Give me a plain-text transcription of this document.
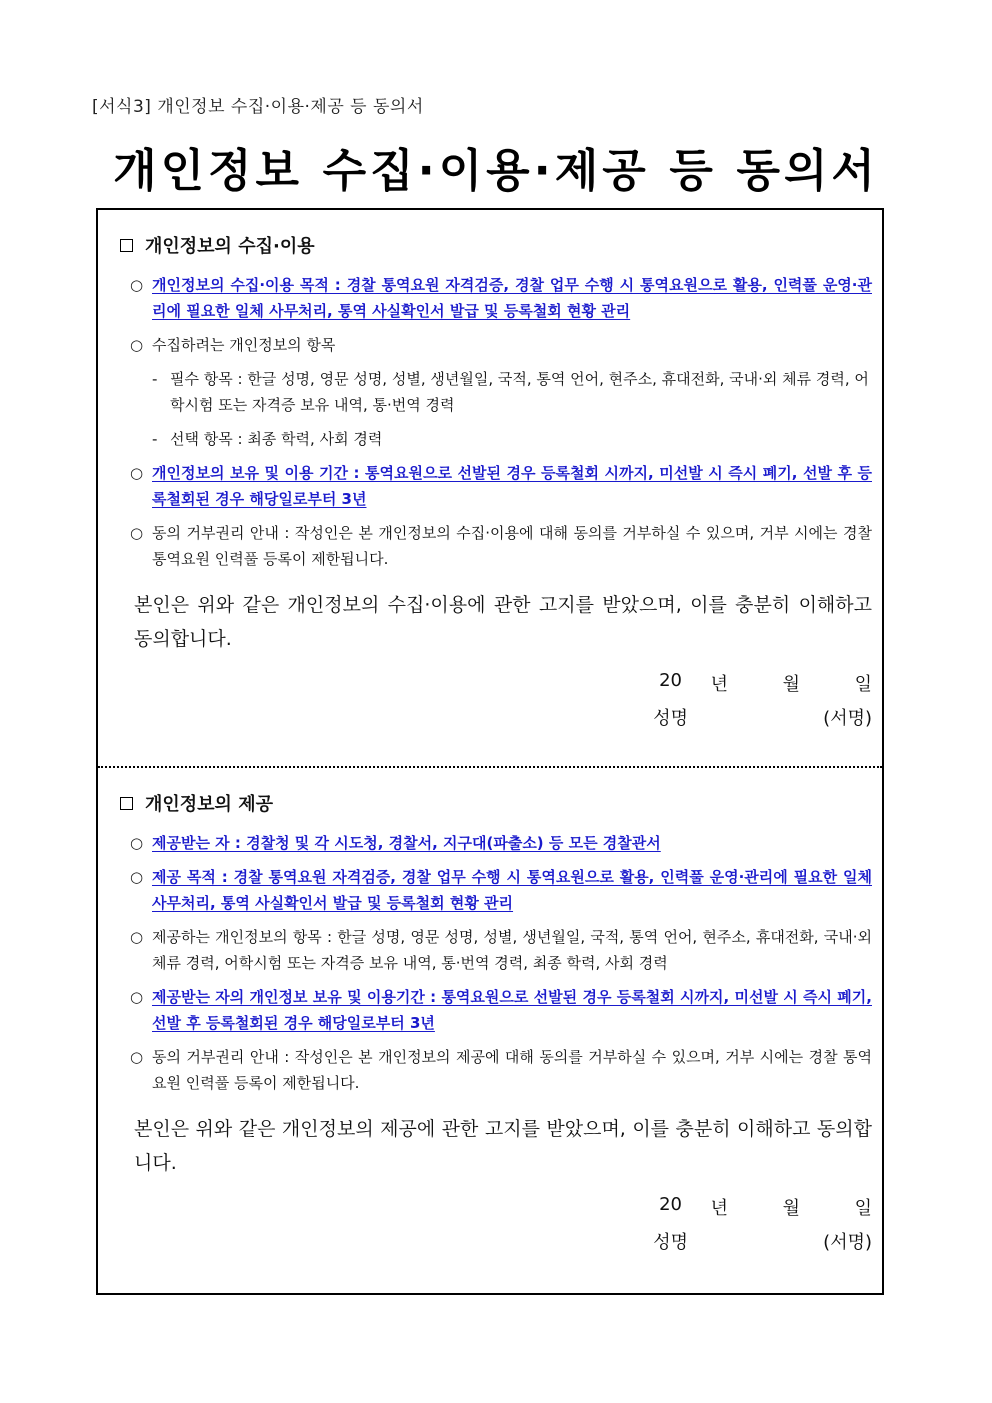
[서식3] 개인정보 수집·이용·제공 등 동의서
개인정보 수집·이용·제공 등 동의서
개인정보의 수집·이용
○ 개인정보의 수집·이용 목적 : 경찰 통역요원 자격검증, 경찰 업무 수행 시 통역요원으로 활용, 인력풀 운영·관리에 필요한 일체 사무처리, 통역 사실확인서 발급 및 등록철회 현황 관리
○ 수집하려는 개인정보의 항목
- 필수 항목 : 한글 성명, 영문 성명, 성별, 생년월일, 국적, 통역 언어, 현주소, 휴대전화, 국내·외 체류 경력, 어학시험 또는 자격증 보유 내역, 통·번역 경력
- 선택 항목 : 최종 학력, 사회 경력
○ 개인정보의 보유 및 이용 기간 : 통역요원으로 선발된 경우 등록철회 시까지, 미선발 시 즉시 폐기, 선발 후 등록철회된 경우 해당일로부터 3년
○ 동의 거부권리 안내 : 작성인은 본 개인정보의 수집·이용에 대해 동의를 거부하실 수 있으며, 거부 시에는 경찰 통역요원 인력풀 등록이 제한됩니다.
본인은 위와 같은 개인정보의 수집·이용에 관한 고지를 받았으며, 이를 충분히 이해하고 동의합니다.
20 년	월	일
성명	(서명)
개인정보의 제공
○ 제공받는 자 : 경찰청 및 각 시도청, 경찰서, 지구대(파출소) 등 모든 경찰관서
○ 제공 목적 : 경찰 통역요원 자격검증, 경찰 업무 수행 시 통역요원으로 활용, 인력풀 운영·관리에 필요한 일체 사무처리, 통역 사실확인서 발급 및 등록철회 현황 관리
○ 제공하는 개인정보의 항목 : 한글 성명, 영문 성명, 성별, 생년월일, 국적, 통역 언어, 현주소, 휴대전화, 국내·외 체류 경력, 어학시험 또는 자격증 보유 내역, 통·번역 경력, 최종 학력, 사회 경력
○ 제공받는 자의 개인정보 보유 및 이용기간 : 통역요원으로 선발된 경우 등록철회 시까지, 미선발 시 즉시 폐기, 선발 후 등록철회된 경우 해당일로부터 3년
○ 동의 거부권리 안내 : 작성인은 본 개인정보의 제공에 대해 동의를 거부하실 수 있으며, 거부 시에는 경찰 통역요원 인력풀 등록이 제한됩니다.
본인은 위와 같은 개인정보의 제공에 관한 고지를 받았으며, 이를 충분히 이해하고 동의합니다.
20 년	월	일
성명	(서명)
